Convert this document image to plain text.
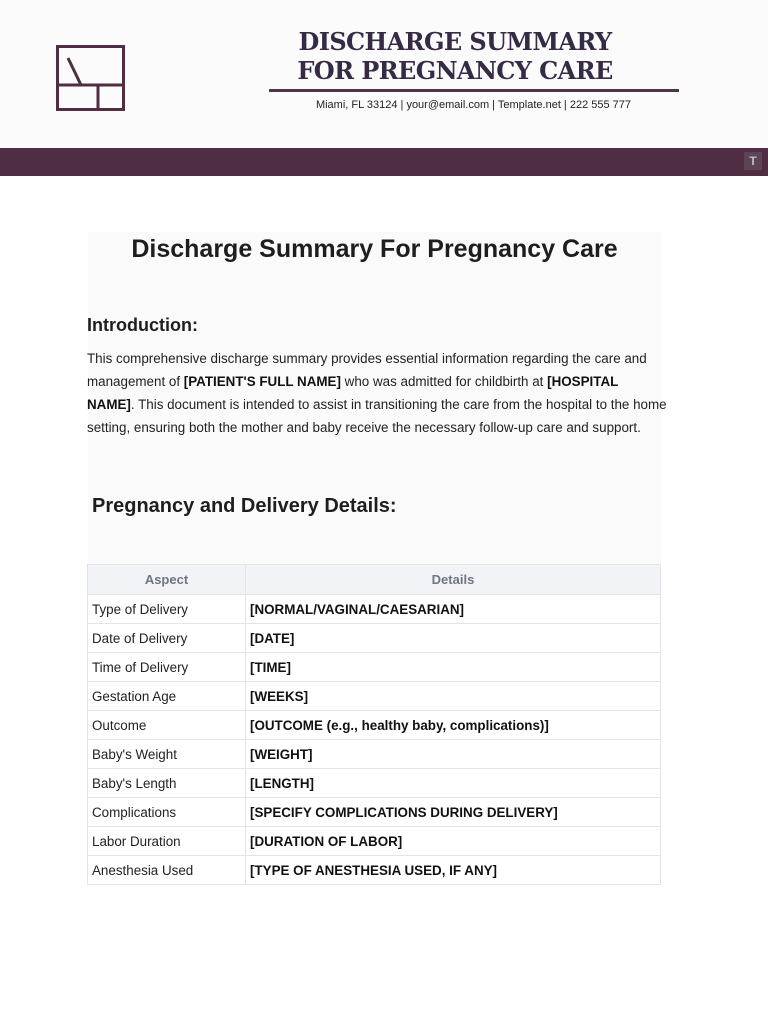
DISCHARGE SUMMARY FOR PREGNANCY CARE
Miami, FL 33124 | your@email.com | Template.net | 222 555 777
T
Discharge Summary For Pregnancy Care
Introduction:
This comprehensive discharge summary provides essential information regarding the care and management of [PATIENT'S FULL NAME] who was admitted for childbirth at [HOSPITAL NAME]. This document is intended to assist in transitioning the care from the hospital to the home setting, ensuring both the mother and baby receive the necessary follow-up care and support.
Pregnancy and Delivery Details:
Aspect	Details
Type of Delivery	[NORMAL/VAGINAL/CAESARIAN]
Date of Delivery	[DATE]
Time of Delivery	[TIME]
Gestation Age	[WEEKS]
Outcome	[OUTCOME (e.g., healthy baby, complications)]
Baby's Weight	[WEIGHT]
Baby's Length	[LENGTH]
Complications	[SPECIFY COMPLICATIONS DURING DELIVERY]
Labor Duration	[DURATION OF LABOR]
Anesthesia Used	[TYPE OF ANESTHESIA USED, IF ANY]
